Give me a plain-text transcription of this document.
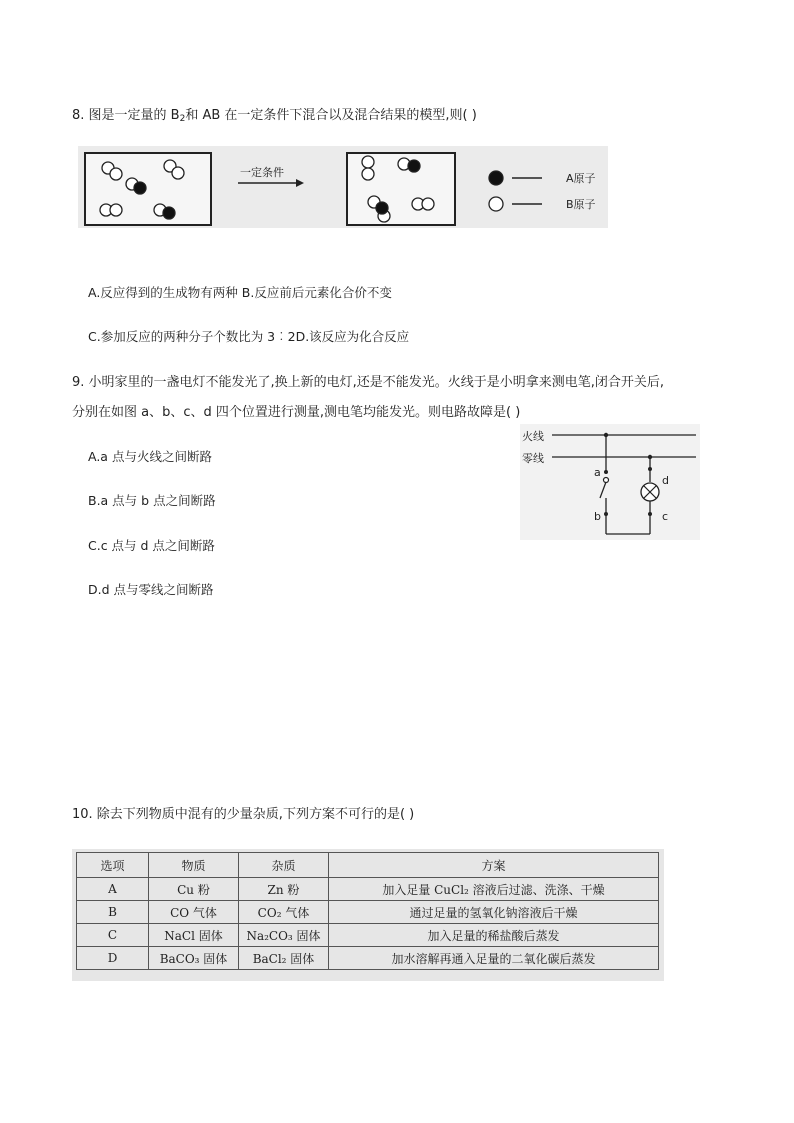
8. 图是一定量的 $B_2$和 AB 在一定条件下混合以及混合结果的模型,则( )
一定条件	A原子
B原子
A.反应得到的生成物有两种 B.反应前后元素化合价不变
C.参加反应的两种分子个数比为 3︰2D.该反应为化合反应
9. 小明家里的一盏电灯不能发光了,换上新的电灯,还是不能发光。火线于是小明拿来测电笔,闭合开关后,
分别在如图 a、b、c、d 四个位置进行测量,测电笔均能发光。则电路故障是( )
A.a 点与火线之间断路
B.a 点与 b 点之间断路
C.c 点与 d 点之间断路
D.d 点与零线之间断路
火线
零线
a
b	c
d
10. 除去下列物质中混有的少量杂质,下列方案不可行的是( )
选项	物质	杂质	方案
A	Cu 粉	Zn 粉	加入足量 CuCl₂ 溶液后过滤、洗涤、干燥
B	CO 气体	CO₂ 气体	通过足量的氢氧化钠溶液后干燥
C	NaCl 固体	Na₂CO₃ 固体	加入足量的稀盐酸后蒸发
D	BaCO₃ 固体	BaCl₂ 固体	加水溶解再通入足量的二氧化碳后蒸发
